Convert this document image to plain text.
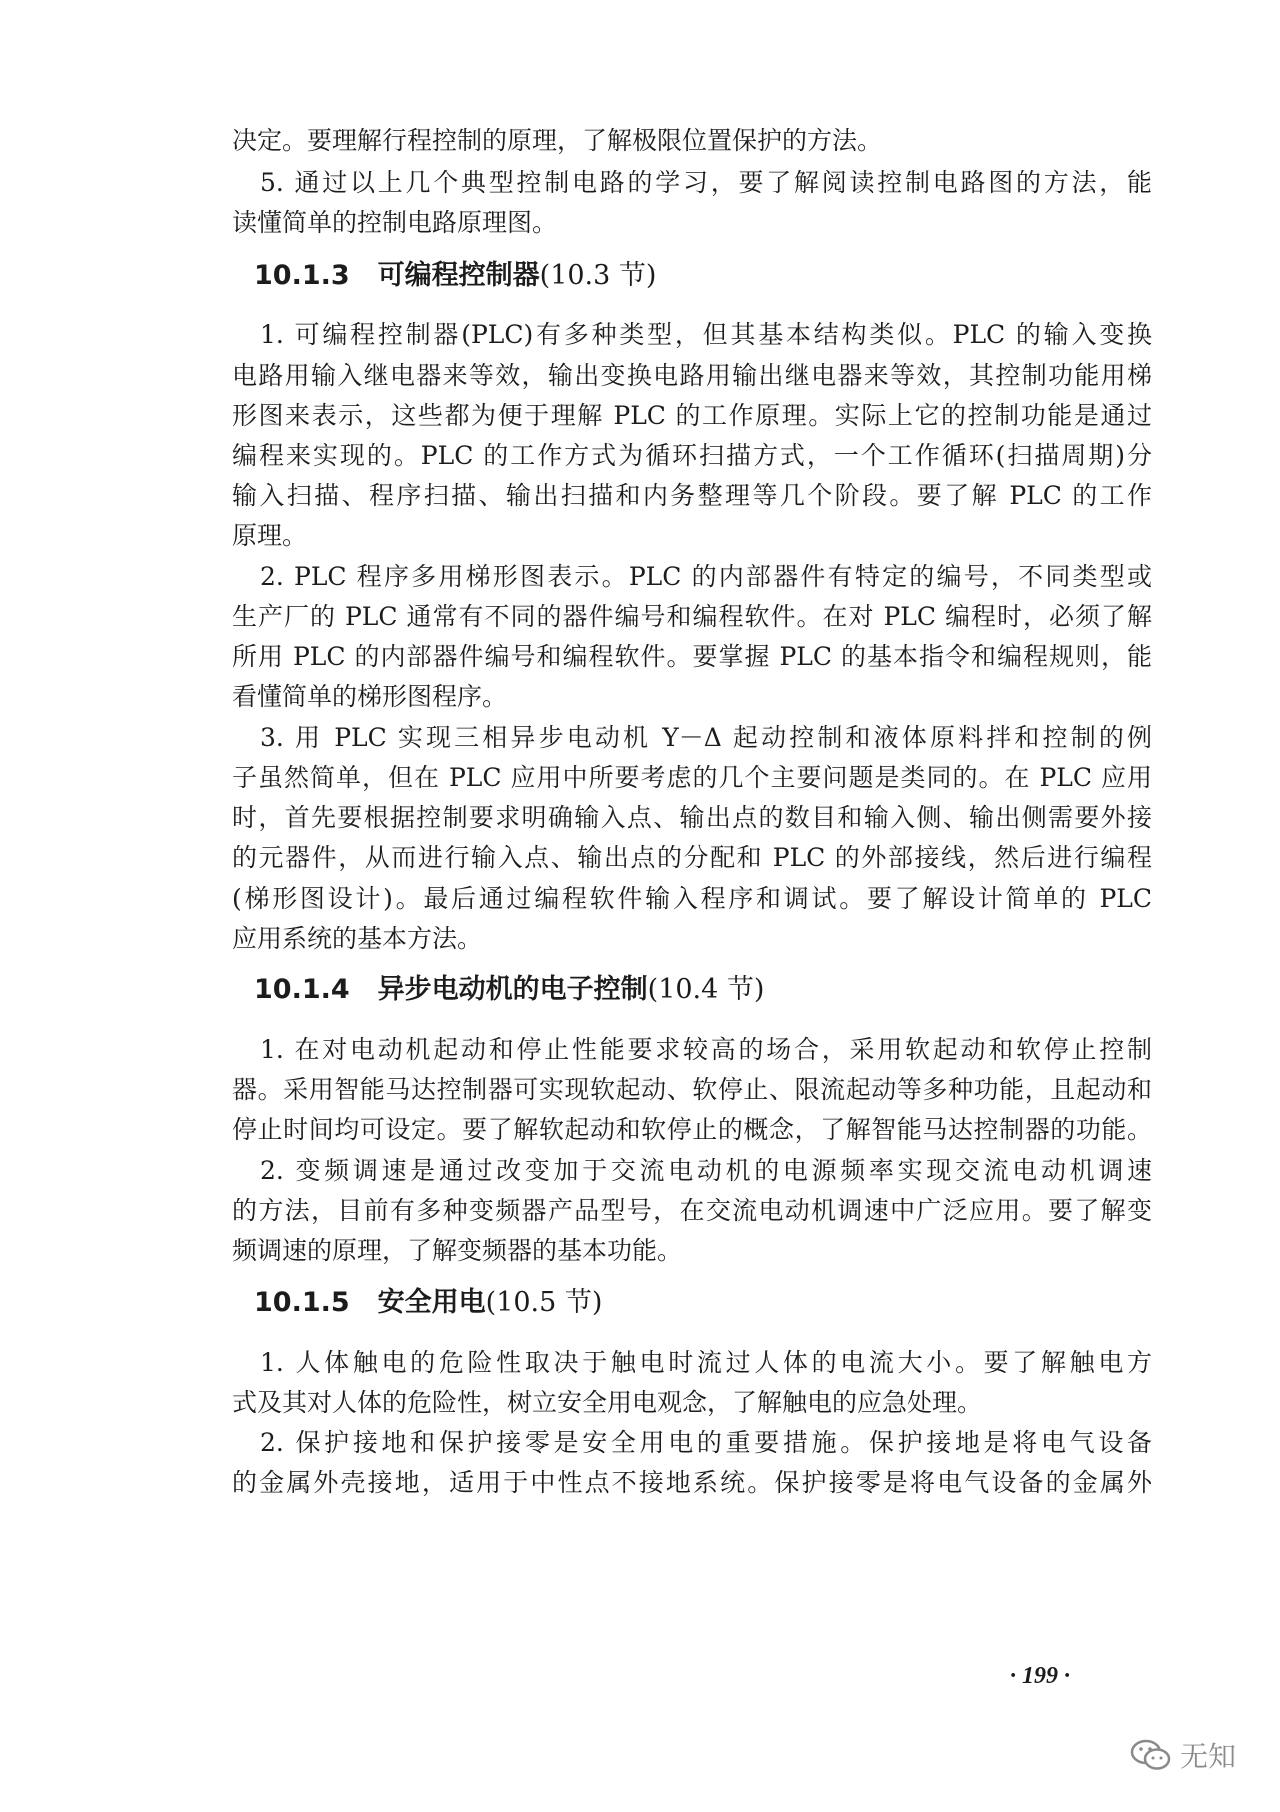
决定。要理解行程控制的原理，了解极限位置保护的方法。
5. 通过以上几个典型控制电路的学习，要了解阅读控制电路图的方法，能
读懂简单的控制电路原理图。
10.1.3 可编程控制器(10.3 节)
1. 可编程控制器(PLC)有多种类型，但其基本结构类似。PLC 的输入变换
电路用输入继电器来等效，输出变换电路用输出继电器来等效，其控制功能用梯
形图来表示，这些都为便于理解 PLC 的工作原理。实际上它的控制功能是通过
编程来实现的。PLC 的工作方式为循环扫描方式，一个工作循环(扫描周期)分
输入扫描、程序扫描、输出扫描和内务整理等几个阶段。要了解 PLC 的工作
原理。
2. PLC 程序多用梯形图表示。PLC 的内部器件有特定的编号，不同类型或
生产厂的 PLC 通常有不同的器件编号和编程软件。在对 PLC 编程时，必须了解
所用 PLC 的内部器件编号和编程软件。要掌握 PLC 的基本指令和编程规则，能
看懂简单的梯形图程序。
3. 用 PLC 实现三相异步电动机 Y－Δ 起动控制和液体原料拌和控制的例
子虽然简单，但在 PLC 应用中所要考虑的几个主要问题是类同的。在 PLC 应用
时，首先要根据控制要求明确输入点、输出点的数目和输入侧、输出侧需要外接
的元器件，从而进行输入点、输出点的分配和 PLC 的外部接线，然后进行编程
(梯形图设计)。最后通过编程软件输入程序和调试。要了解设计简单的 PLC
应用系统的基本方法。
10.1.4 异步电动机的电子控制(10.4 节)
1. 在对电动机起动和停止性能要求较高的场合，采用软起动和软停止控制
器。采用智能马达控制器可实现软起动、软停止、限流起动等多种功能，且起动和
停止时间均可设定。要了解软起动和软停止的概念，了解智能马达控制器的功能。
2. 变频调速是通过改变加于交流电动机的电源频率实现交流电动机调速
的方法，目前有多种变频器产品型号，在交流电动机调速中广泛应用。要了解变
频调速的原理，了解变频器的基本功能。
10.1.5 安全用电(10.5 节)
1. 人体触电的危险性取决于触电时流过人体的电流大小。要了解触电方
式及其对人体的危险性，树立安全用电观念，了解触电的应急处理。
2. 保护接地和保护接零是安全用电的重要措施。保护接地是将电气设备
的金属外壳接地，适用于中性点不接地系统。保护接零是将电气设备的金属外
· 199 ·
无知
